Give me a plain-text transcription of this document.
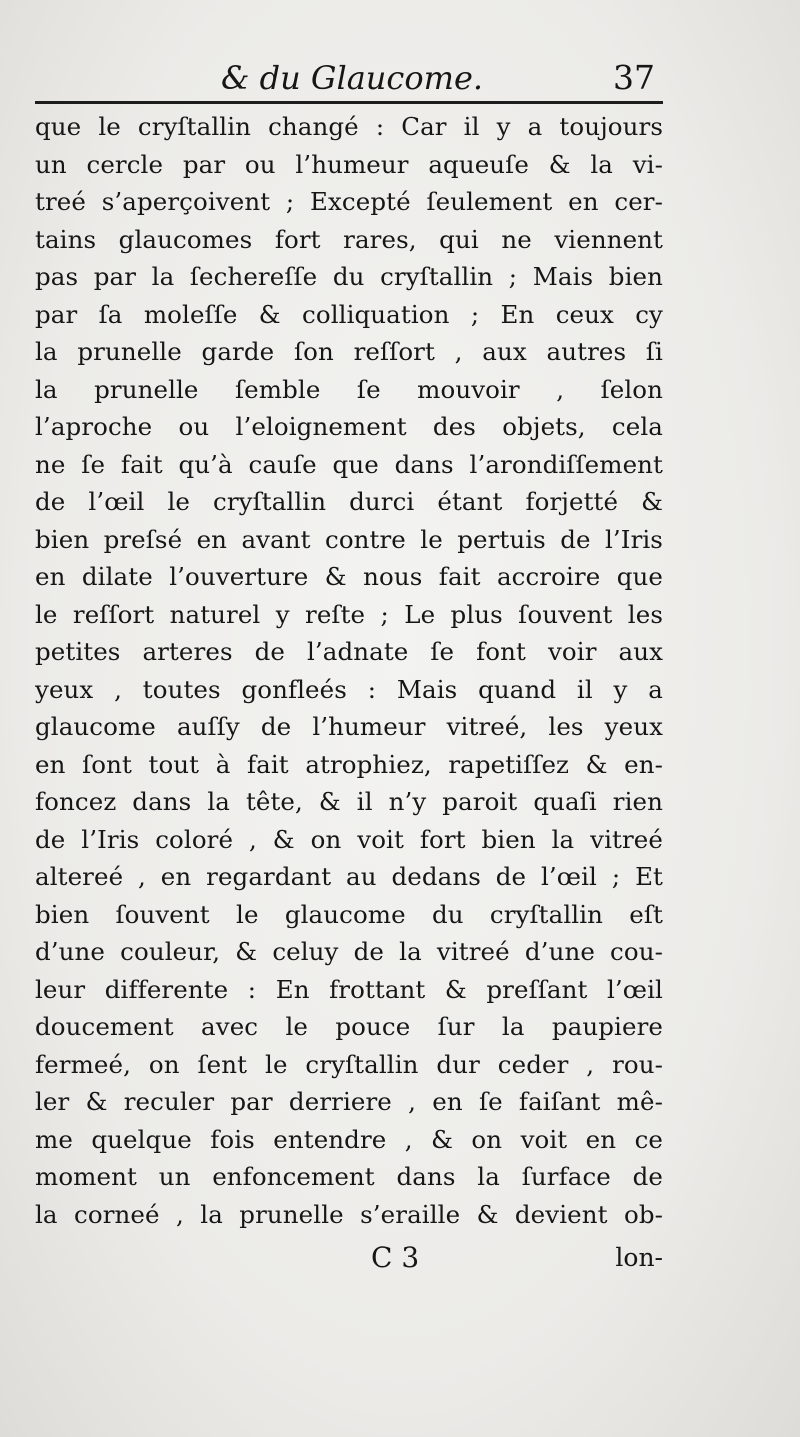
& du Glaucome.	37
que le cryſtallin changé : Car il y a toujours
un cercle par ou l’humeur aqueuſe & la vi-
treé s’aperçoivent ; Excepté ſeulement en cer-
tains glaucomes fort rares, qui ne viennent
pas par la ſechereſſe du cryſtallin ; Mais bien
par ſa moleſſe & colliquation ; En ceux cy
la prunelle garde ſon reſſort , aux autres ſi
la prunelle ſemble ſe mouvoir , ſelon
l’aproche ou l’eloignement des objets, cela
ne ſe fait qu’à cauſe que dans l’arondiſſement
de l’œil le cryſtallin durci étant forjetté &
bien preſsé en avant contre le pertuis de l’Iris
en dilate l’ouverture & nous fait accroire que
le reſſort naturel y reſte ; Le plus ſouvent les
petites arteres de l’adnate ſe font voir aux
yeux , toutes gonfleés : Mais quand il y a
glaucome auſſy de l’humeur vitreé, les yeux
en ſont tout à fait atrophiez, rapetiſſez & en-
foncez dans la tête, & il n’y paroit quaſi rien
de l’Iris coloré , & on voit fort bien la vitreé
altereé , en regardant au dedans de l’œil ; Et
bien ſouvent le glaucome du cryſtallin eſt
d’une couleur, & celuy de la vitreé d’une cou-
leur differente : En frottant & preſſant l’œil
doucement avec le pouce ſur la paupiere
fermeé, on ſent le cryſtallin dur ceder , rou-
ler & reculer par derriere , en ſe faiſant mê-
me quelque fois entendre , & on voit en ce
moment un enfoncement dans la ſurface de
la corneé , la prunelle s’eraille & devient ob-
C 3	lon-
